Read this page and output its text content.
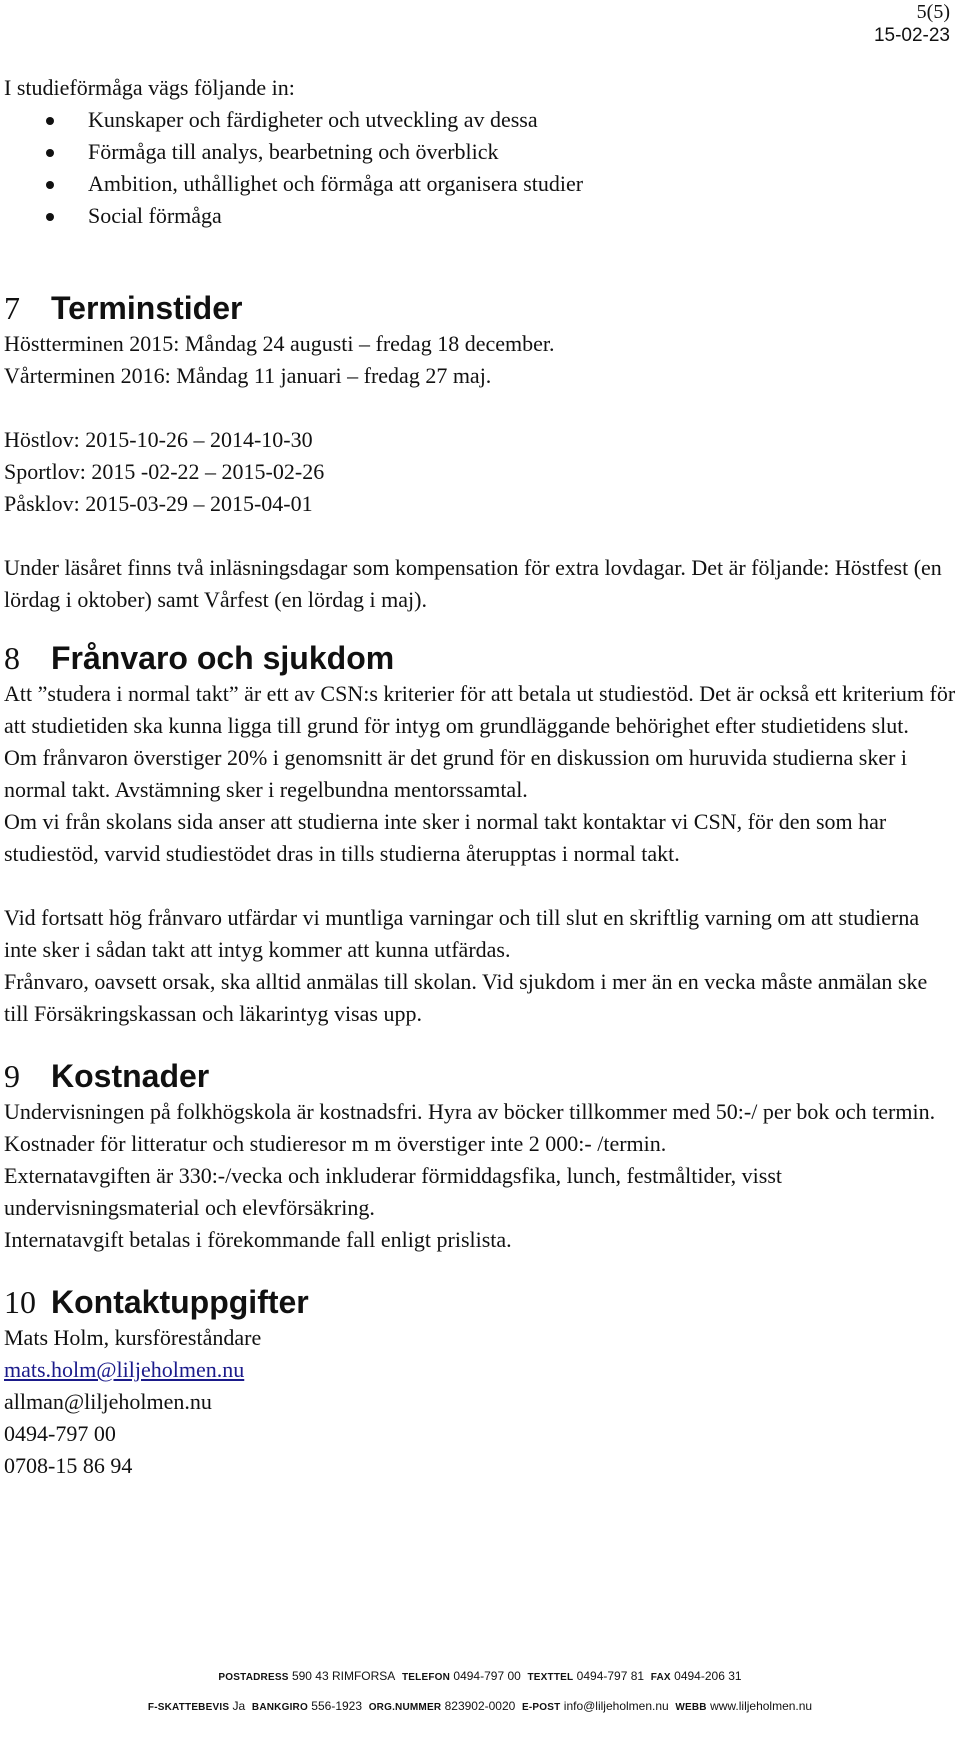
5(5)
15-02-23

I studieförmåga vägs följande in:

Kunskaper och färdigheter och utveckling av dessa
Förmåga till analys, bearbetning och överblick
Ambition, uthållighet och förmåga att organisera studier
Social förmåga
7 Terminstider

Höstterminen 2015: Måndag 24 augusti – fredag 18 december.

Vårterminen 2016: Måndag 11 januari – fredag 27 maj.

Höstlov: 2015-10-26 – 2014-10-30

Sportlov: 2015 -02-22 – 2015-02-26

Påsklov: 2015-03-29 – 2015-04-01

Under läsåret finns två inläsningsdagar som kompensation för extra lovdagar. Det är följande: Höstfest (en lördag i oktober) samt Vårfest (en lördag i maj).

8 Frånvaro och sjukdom

Att ”studera i normal takt” är ett av CSN:s kriterier för att betala ut studiestöd. Det är också ett kriterium för att studietiden ska kunna ligga till grund för intyg om grundläggande behörighet efter studietidens slut.

Om frånvaron överstiger 20% i genomsnitt är det grund för en diskussion om huruvida studierna sker i normal takt. Avstämning sker i regelbundna mentorssamtal.

Om vi från skolans sida anser att studierna inte sker i normal takt kontaktar vi CSN, för den som har studiestöd, varvid studiestödet dras in tills studierna återupptas i normal takt.

Vid fortsatt hög frånvaro utfärdar vi muntliga varningar och till slut en skriftlig varning om att studierna inte sker i sådan takt att intyg kommer att kunna utfärdas.

Frånvaro, oavsett orsak, ska alltid anmälas till skolan. Vid sjukdom i mer än en vecka måste anmälan ske till Försäkringskassan och läkarintyg visas upp.

9 Kostnader

Undervisningen på folkhögskola är kostnadsfri. Hyra av böcker tillkommer med 50:-/ per bok och termin. Kostnader för litteratur och studieresor m m överstiger inte 2 000:- /termin.

Externatavgiften är 330:-/vecka och inkluderar förmiddagsfika, lunch, festmåltider, visst undervisningsmaterial och elevförsäkring.

Internatavgift betalas i förekommande fall enligt prislista.

10 Kontaktuppgifter

Mats Holm, kursföreståndare

mats.holm@liljeholmen.nu

allman@liljeholmen.nu

0494-797 00

0708-15 86 94

POSTADRESS 590 43 RIMFORSA TELEFON 0494-797 00 TEXTTEL 0494-797 81 FAX 0494-206 31
F-SKATTEBEVIS Ja BANKGIRO 556-1923 ORG.NUMMER 823902-0020 E-POST info@liljeholmen.nu WEBB www.liljeholmen.nu
